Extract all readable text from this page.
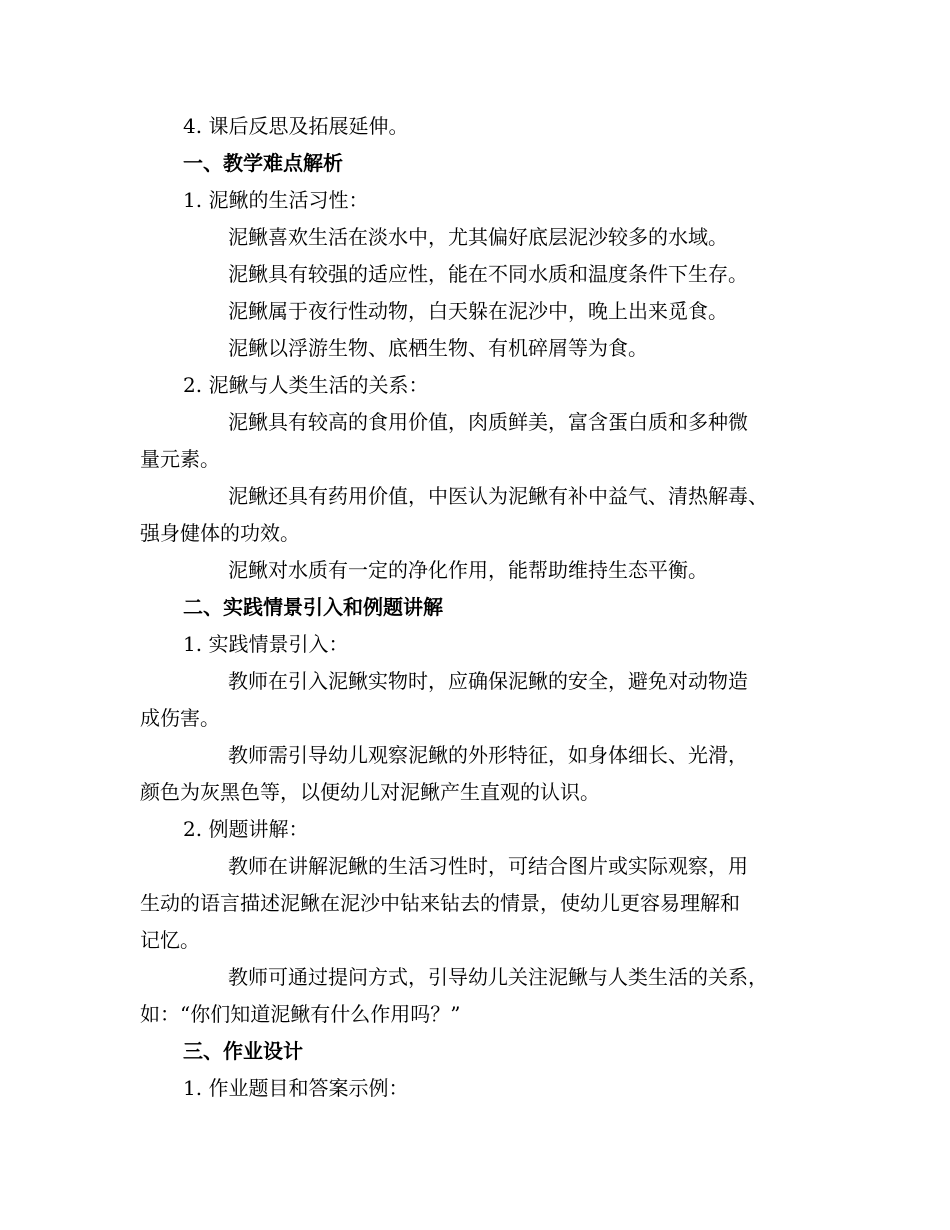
4. 课后反思及拓展延伸。
一、教学难点解析
1. 泥鳅的生活习性：
泥鳅喜欢生活在淡水中，尤其偏好底层泥沙较多的水域。
泥鳅具有较强的适应性，能在不同水质和温度条件下生存。
泥鳅属于夜行性动物，白天躲在泥沙中，晚上出来觅食。
泥鳅以浮游生物、底栖生物、有机碎屑等为食。
2. 泥鳅与人类生活的关系：
泥鳅具有较高的食用价值，肉质鲜美，富含蛋白质和多种微
量元素。
泥鳅还具有药用价值，中医认为泥鳅有补中益气、清热解毒、
强身健体的功效。
泥鳅对水质有一定的净化作用，能帮助维持生态平衡。
二、实践情景引入和例题讲解
1. 实践情景引入：
教师在引入泥鳅实物时，应确保泥鳅的安全，避免对动物造
成伤害。
教师需引导幼儿观察泥鳅的外形特征，如身体细长、光滑，
颜色为灰黑色等，以便幼儿对泥鳅产生直观的认识。
2. 例题讲解：
教师在讲解泥鳅的生活习性时，可结合图片或实际观察，用
生动的语言描述泥鳅在泥沙中钻来钻去的情景，使幼儿更容易理解和
记忆。
教师可通过提问方式，引导幼儿关注泥鳅与人类生活的关系，
如：“你们知道泥鳅有什么作用吗？”
三、作业设计
1. 作业题目和答案示例：
